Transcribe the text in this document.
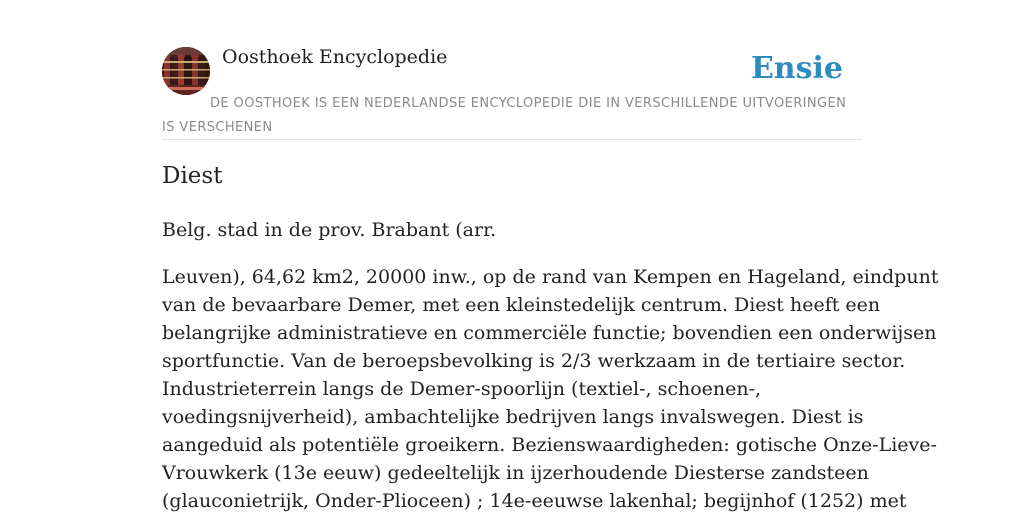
Oosthoek Encyclopedie	Ensie
DE OOSTHOEK IS EEN NEDERLANDSE ENCYCLOPEDIE DIE IN VERSCHILLENDE UITVOERINGEN IS VERSCHENEN
Diest

Belg. stad in de prov. Brabant (arr.

Leuven), 64,62 km2, 20000 inw., op de rand van Kempen en Hageland, eindpunt
van de bevaarbare Demer, met een kleinstedelijk centrum. Diest heeft een
belangrijke administratieve en commerciële functie; bovendien een onderwijsen
sportfunctie. Van de beroepsbevolking is 2/3 werkzaam in de tertiaire sector.
Industrieterrein langs de Demer-spoorlijn (textiel-, schoenen-,
voedingsnijverheid), ambachtelijke bedrijven langs invalswegen. Diest is
aangeduid als potentiële groeikern. Bezienswaardigheden: gotische Onze-Lieve-
Vrouwkerk (13e eeuw) gedeeltelijk in ijzerhoudende Diesterse zandsteen
(glauconietrijk, Onder-Plioceen) ; 14e-eeuwse lakenhal; begijnhof (1252) met
